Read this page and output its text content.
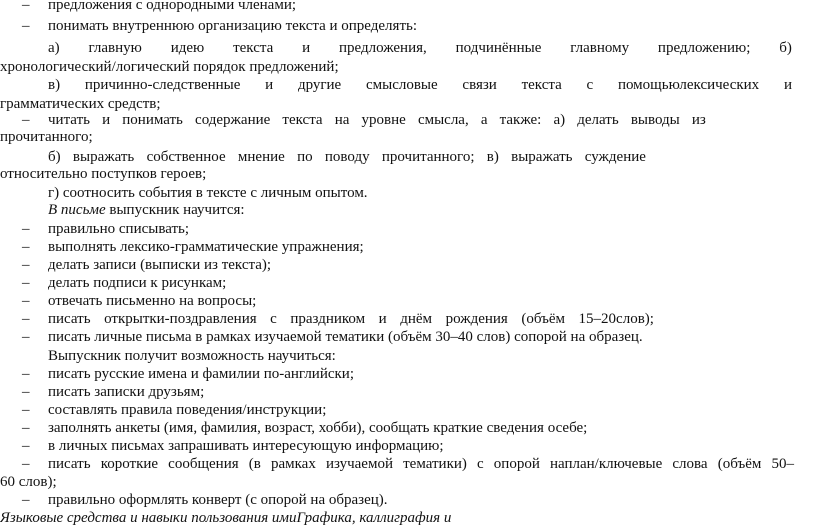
– предложения с однородными членами;
– понимать внутреннюю организацию текста и определять:
а) главную идею текста и предложения, подчинённые главному предложению; б)
хронологический/логический порядок предложений;
в) причинно-следственные и другие смысловые связи текста с помощьюлексических и
грамматических средств;
– читать и понимать содержание текста на уровне смысла, а также: а) делать выводы из
прочитанного;
б) выражать собственное мнение по поводу прочитанного; в) выражать суждение
относительно поступков героев;
г) соотносить события в тексте с личным опытом.
В письме выпускник научится:
– правильно списывать;
– выполнять лексико-грамматические упражнения;
– делать записи (выписки из текста);
– делать подписи к рисункам;
– отвечать письменно на вопросы;
– писать открытки-поздравления с праздником и днём рождения (объём 15–20слов);
– писать личные письма в рамках изучаемой тематики (объём 30–40 слов) сопорой на образец.
Выпускник получит возможность научиться:
– писать русские имена и фамилии по-английски;
– писать записки друзьям;
– составлять правила поведения/инструкции;
– заполнять анкеты (имя, фамилия, возраст, хобби), сообщать краткие сведения осебе;
– в личных письмах запрашивать интересующую информацию;
– писать короткие сообщения (в рамках изучаемой тематики) с опорой наплан/ключевые слова (объём 50–
60 слов);
– правильно оформлять конверт (с опорой на образец).
Языковые средства и навыки пользования имиГрафика, каллиграфия и
